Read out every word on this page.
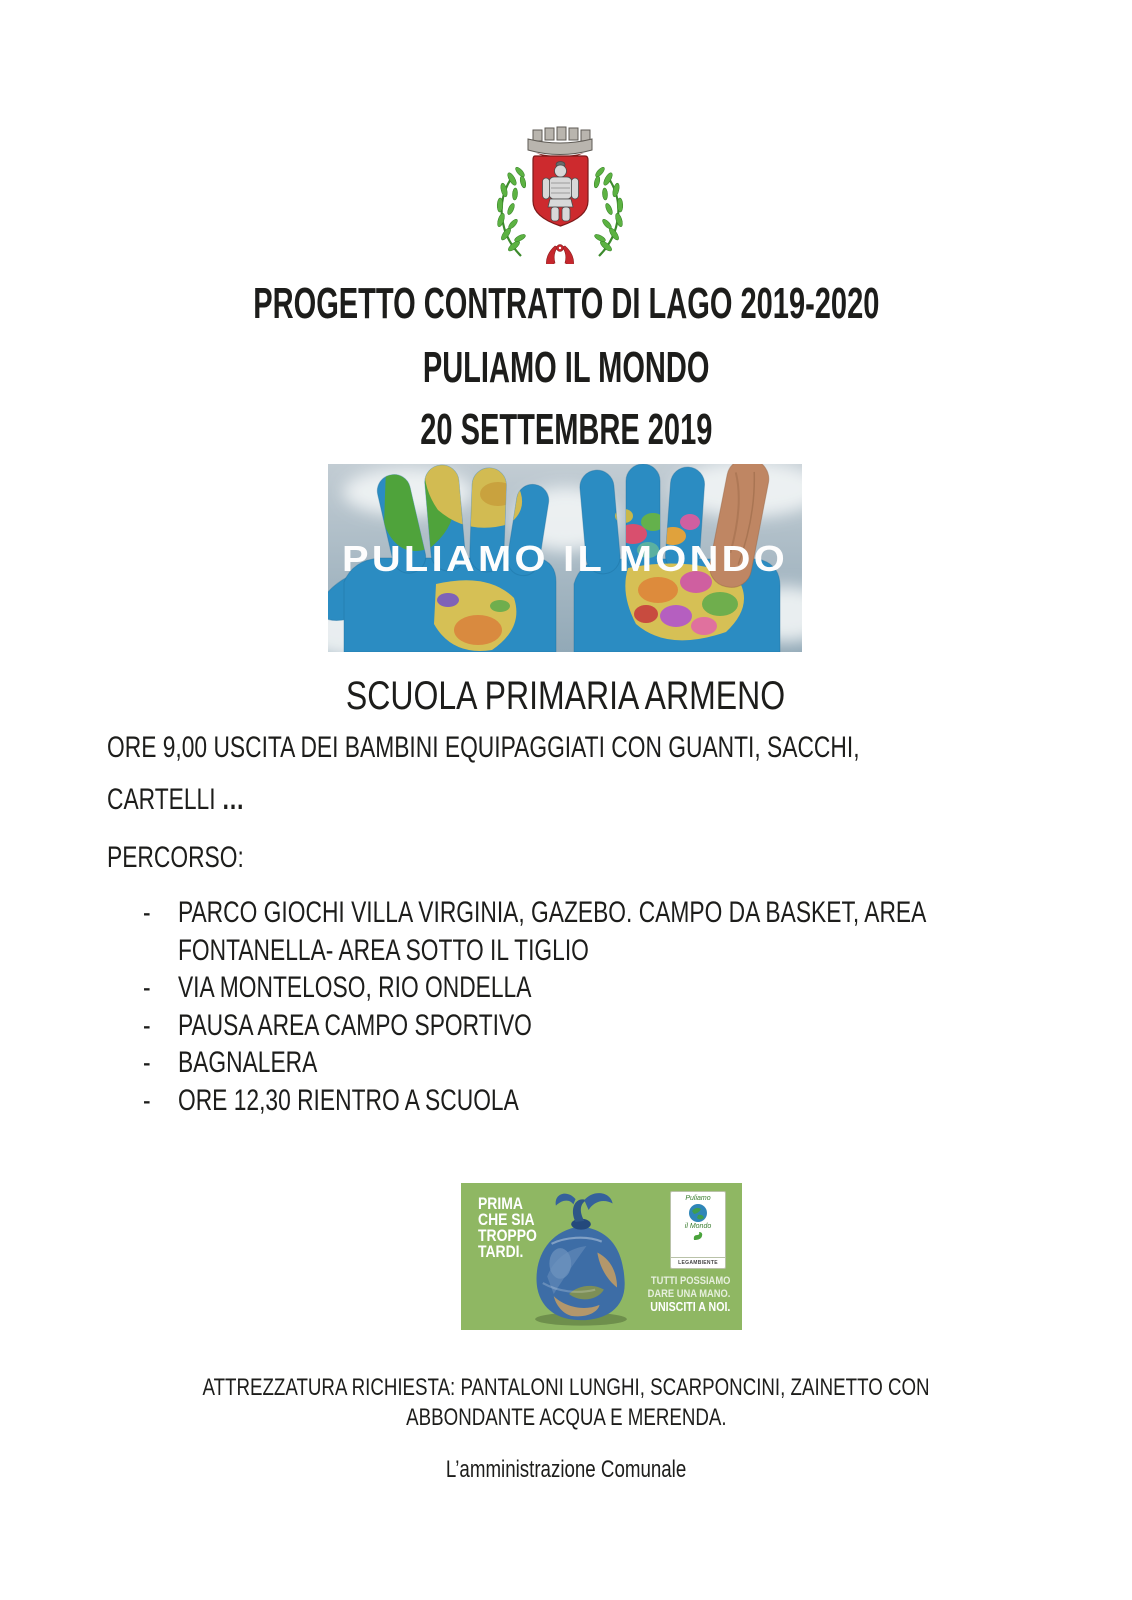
PROGETTO CONTRATTO DI LAGO 2019-2020
PULIAMO IL MONDO
20 SETTEMBRE 2019
PULIAMO IL MONDO
SCUOLA PRIMARIA ARMENO
ORE 9,00 USCITA DEI BAMBINI EQUIPAGGIATI CON GUANTI, SACCHI,
CARTELLI …
PERCORSO:
- PARCO GIOCHI VILLA VIRGINIA, GAZEBO. CAMPO DA BASKET, AREA
FONTANELLA- AREA SOTTO IL TIGLIO
- VIA MONTELOSO, RIO ONDELLA
- PAUSA AREA CAMPO SPORTIVO
- BAGNALERA
- ORE 12,30 RIENTRO A SCUOLA
PRIMA
CHE SIA
TROPPO
TARDI.
Puliamo
il Mondo
LEGAMBIENTE
TUTTI POSSIAMO
DARE UNA MANO.
UNISCITI A NOI.
ATTREZZATURA RICHIESTA: PANTALONI LUNGHI, SCARPONCINI, ZAINETTO CON
ABBONDANTE ACQUA E MERENDA.
L’amministrazione Comunale
